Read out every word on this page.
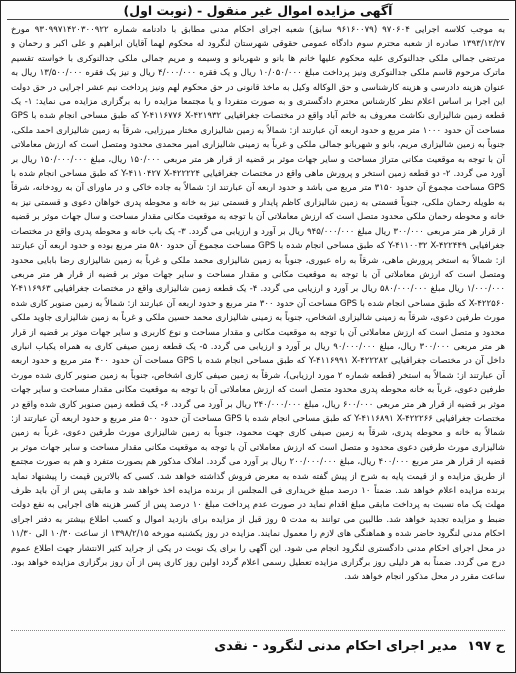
آگهی مزایده اموال غیر منقول - (نوبت اول)

به موجب کلاسه اجرایی ۹۷۰۶۰۴ (۹۶۱۶۰۰۷۹ سابق) شعبه اجرای احکام مدنی مطابق با دادنامه شماره ۹۳۰۹۹۷۱۴۲۰۳۰۰۹۲۲ مورخ ۱۳۹۳/۱۲/۲۷ صادره از شعبه محترم سوم دادگاه عمومی حقوقی شهرستان لنگرود له محکوم لهما آقایان ابراهیم و علی اکبر و رحمان و مرتضی جمالی ملکی جدالنوکری علیه محکوم علیها خانم ها بانو و شهربانو و وسیمه و مریم جمالی ملکی جدالنوکری با خواسته تقسیم ماترک مرحوم قاسم ملکی جدالنوکری ونیز پرداخت مبلغ ۱۰/۰۵۰/۰۰۰ ریال و یک فقره ۴/۰۰۰/۰۰۰ ریال و نیز یک فقره ۱۳/۵۰۰/۰۰۰ ریال به عنوان هزینه دادرسی و هزینه کارشناسی و حق الوکاله وکیل به ماخذ قانونی در حق محکوم لهم ونیز پرداخت نیم عشر اجرایی در حق دولت این اجرا بر اساس اعلام نظر کارشناس محترم دادگستری و به صورت متفردا و یا مجتمعا مزایده را به برگزاری مزایده می نماید: ۱- یک قطعه زمین شالیزاری نکاشت معروف به خاتم آباد واقع در مختصات جغرافیایی Y-۴۱۱۶۷۷۶ X-۴۲۱۹۳۲ که طبق مساحی انجام شده با GPS مساحت آن حدود ۱۰۰۰ متر مربع و حدود اربعه آن عبارتند از: شمالاً به زمین شالیزاری مختار میرزایی، شرقاً به زمین شالیزاری احمد ملکی، جنوباً به زمین شالیزاری مریم، بانو و شهربانو جمالی ملکی و غرباً به زمینی شالیزاری امیر محمدی محدود ومتصل است که ارزش معاملاتی آن با توجه به موقعیت مکانی متراژ مساحت و سایر جهات موثر بر قضیه از قرار هر متر مربعی ۱۵۰/۰۰۰ ریال، مبلغ ۱۵۰/۰۰۰/۰۰۰ ریال بر آورد می گردد. ۲- دو قطعه زمین استخر و پرورش ماهی واقع در مختصات جغرافیایی Y-۴۱۱۰۴۲۷ X-۴۲۲۲۲۴ که طبق مساحی انجام شده با GPS مساحت مجموع آن حدود ۳۱۵۰ متر مربع می باشد و حدود اربعه آن عبارتند از: شمالاً به جاده خاکی و در ماورای آن به رودخانه، شرقاً به طویله رحمان ملکی، جنوباً قسمتی به زمین شالیزاری کاظم پایدار و قسمتی نیز به خانه و محوطه پدری خواهان دعوی و قسمتی نیز به خانه و محوطه رحمان ملکی محدود متصل است که ارزش معاملاتی آن با توجه به موقعیت مکانی مقدار مساحت و سال جهات موثر بر قضیه از قرار هر متر مربعی ۳۰۰/۰۰۰ ریال مبلغ ۹۴۵/۰۰۰/۰۰۰ ریال بر آورد و ارزیابی می گردد. ۳- یک باب خانه و محوطه پدری واقع در مختصات جغرافیایی Y-۴۱۱۰۰۳۲ X-۴۲۲۴۴۹ که طبق مساحی انجام شده با GPS مساحت مجموع آن حدود ۵۸۰ متر مربع بوده و حدود اربعه آن عبارتند از: شمالاً به استخر پرورش ماهی، شرقاً به راه عبوری، جنوباً به زمین شالیزاری محمد ملکی و غرباً به زمین شالیزاری رضا بابایی محدود ومتصل است که ارزش معاملاتی آن با توجه به موقعیت مکانی و مقدار مساحت و سایر جهات موثر بر قضیه از قرار هر متر مربعی ۱/۰۰۰/۰۰۰ ریال مبلغ ۵۸۰/۰۰۰/۰۰۰ ریال بر آورد و ارزیابی می گردد. ۴- یک قطعه زمین شالیزاری واقع در مختصات جغرافیایی Y-۴۱۱۶۹۶۳ X-۴۲۲۵۶۰ که طبق مساحی انجام شده با GPS مساحت آن حدود ۳۰۰ متر مربع و حدود اربعه آن عبارتند از: شمالاً به زمین صنوبر کاری شده مورث طرفین دعوی، شرقاً به زمینی شالیزاری اشخاص، جنوباً به زمینی شالیزاری محمد حسین ملکی و غرباً به زمین شالیزاری جاوید ملکی محدود و متصل است که ارزش معاملاتی آن با توجه به موقعیت مکانی و مقدار مساحت و نوع کاربری و سایر جهات موثر بر قضیه از قرار هر متر مربعی ۳۰۰/۰۰۰ ریال، مبلغ ۹۰/۰۰۰/۰۰۰ ریال بر آورد و ارزیابی می گردد. ۵- یک قطعه زمین صیفی کاری به همراه یکباب انباری داخل آن در مختصات جغرافیایی Y-۴۱۱۶۹۹۱ X-۴۲۲۲۸۲ که طبق مساحی انجام شده با GPS مساحت آن حدود ۴۰۰ متر مربع و حدود اربعه آن عبارتند از: شمالاً به استخر (قطعه شماره ۲ مورد ارزیابی)، شرقاً به زمین صیفی کاری اشخاص، جنوباً به زمین صنوبر کاری شده مورث طرفین دعوی، غرباً به خانه محوطه پدری محدود متصل است که ارزش معاملاتی آن با توجه به موقعیت مکانی مقدار مساحت و سایر جهات موثر بر قضیه از قرار هر متر مربعی ۶۰۰/۰۰۰ ریال، مبلغ ۲۴۰/۰۰۰/۰۰۰ ریال بر آورد می گردد. ۶- یک قطعه زمین صنوبر کاری شده واقع در مختصات جغرافیایی Y-۴۱۱۶۸۹۱ X-۴۲۲۲۶۶ که طبق مساحی انجام شده با GPS مساحت آن حدود ۵۰۰ متر مربع و حدود اربعه آن عبارتند از: شمالاً به خانه و محوطه پدری، شرقاً به زمین صیفی کاری جهت محمود، جنوباً به زمین شالیزاری مورث طرفین دعوی، غرباً به زمین شالیزاری مورث طرفین دعوی محدود و متصل است که ارزش معاملاتی آن با توجه به موقعیت مکانی مقدار مساحت و سایر جهات موثر بر قضیه از قرار هر متر مربع ۴۰۰/۰۰۰ ریال، مبلغ ۲۰۰/۰۰۰/۰۰۰ ریال بر آورد می گردد. املاک مذکور هم بصورت متفرد و هم به صورت مجتمع از طریق مزایده و از قیمت پایه به شرح از پیش گفته شده به معرض فروش گذاشته خواهد شد. کسی که بالاترین قیمت را پیشنهاد نماید برنده مزایده اعلام خواهد شد. ضمناً ۱۰ درصد مبلغ خریداری فی المجلس از برنده مزایده اخذ خواهد شد و مابقی پس از آن باید ظرف مهلت یک ماه نسبت به پرداخت مابقی مبلغ اقدام نماید در صورت عدم پرداخت مبلغ ۱۰ درصد پس از کسر هزینه های اجرایی به نفع دولت ضبط و مزایده تجدید خواهد شد. طالبین می توانند به مدت ۵ روز قبل از مزایده برای بازدید اموال و کسب اطلاع بیشتر به دفتر اجرای احکام مدنی لنگرود حاضر شده و هماهنگی های لازم را معمول نمایند. مزایده در روز یکشنبه مورخه ۱۳۹۸/۲/۱۵ از ساعت ۱۰/۳۰ الی ۱۱/۳۰ در محل اجرای احکام مدنی دادگستری لنگرود انجام می شود. این آگهی را برای یک نوبت در یکی از جراید کثیر الانتشار جهت اطلاع عموم درج می گردد. ضمناً به هر دلیلی روز برگزاری مزایده تعطیل رسمی اعلام گردد اولین روز کاری پس از آن روز برگزاری مزایده خواهد بود. ساعت مقرر در محل مذکور انجام خواهد شد.

ح ۱۹۷
مدیر اجرای احکام مدنی لنگرود - نقدی
